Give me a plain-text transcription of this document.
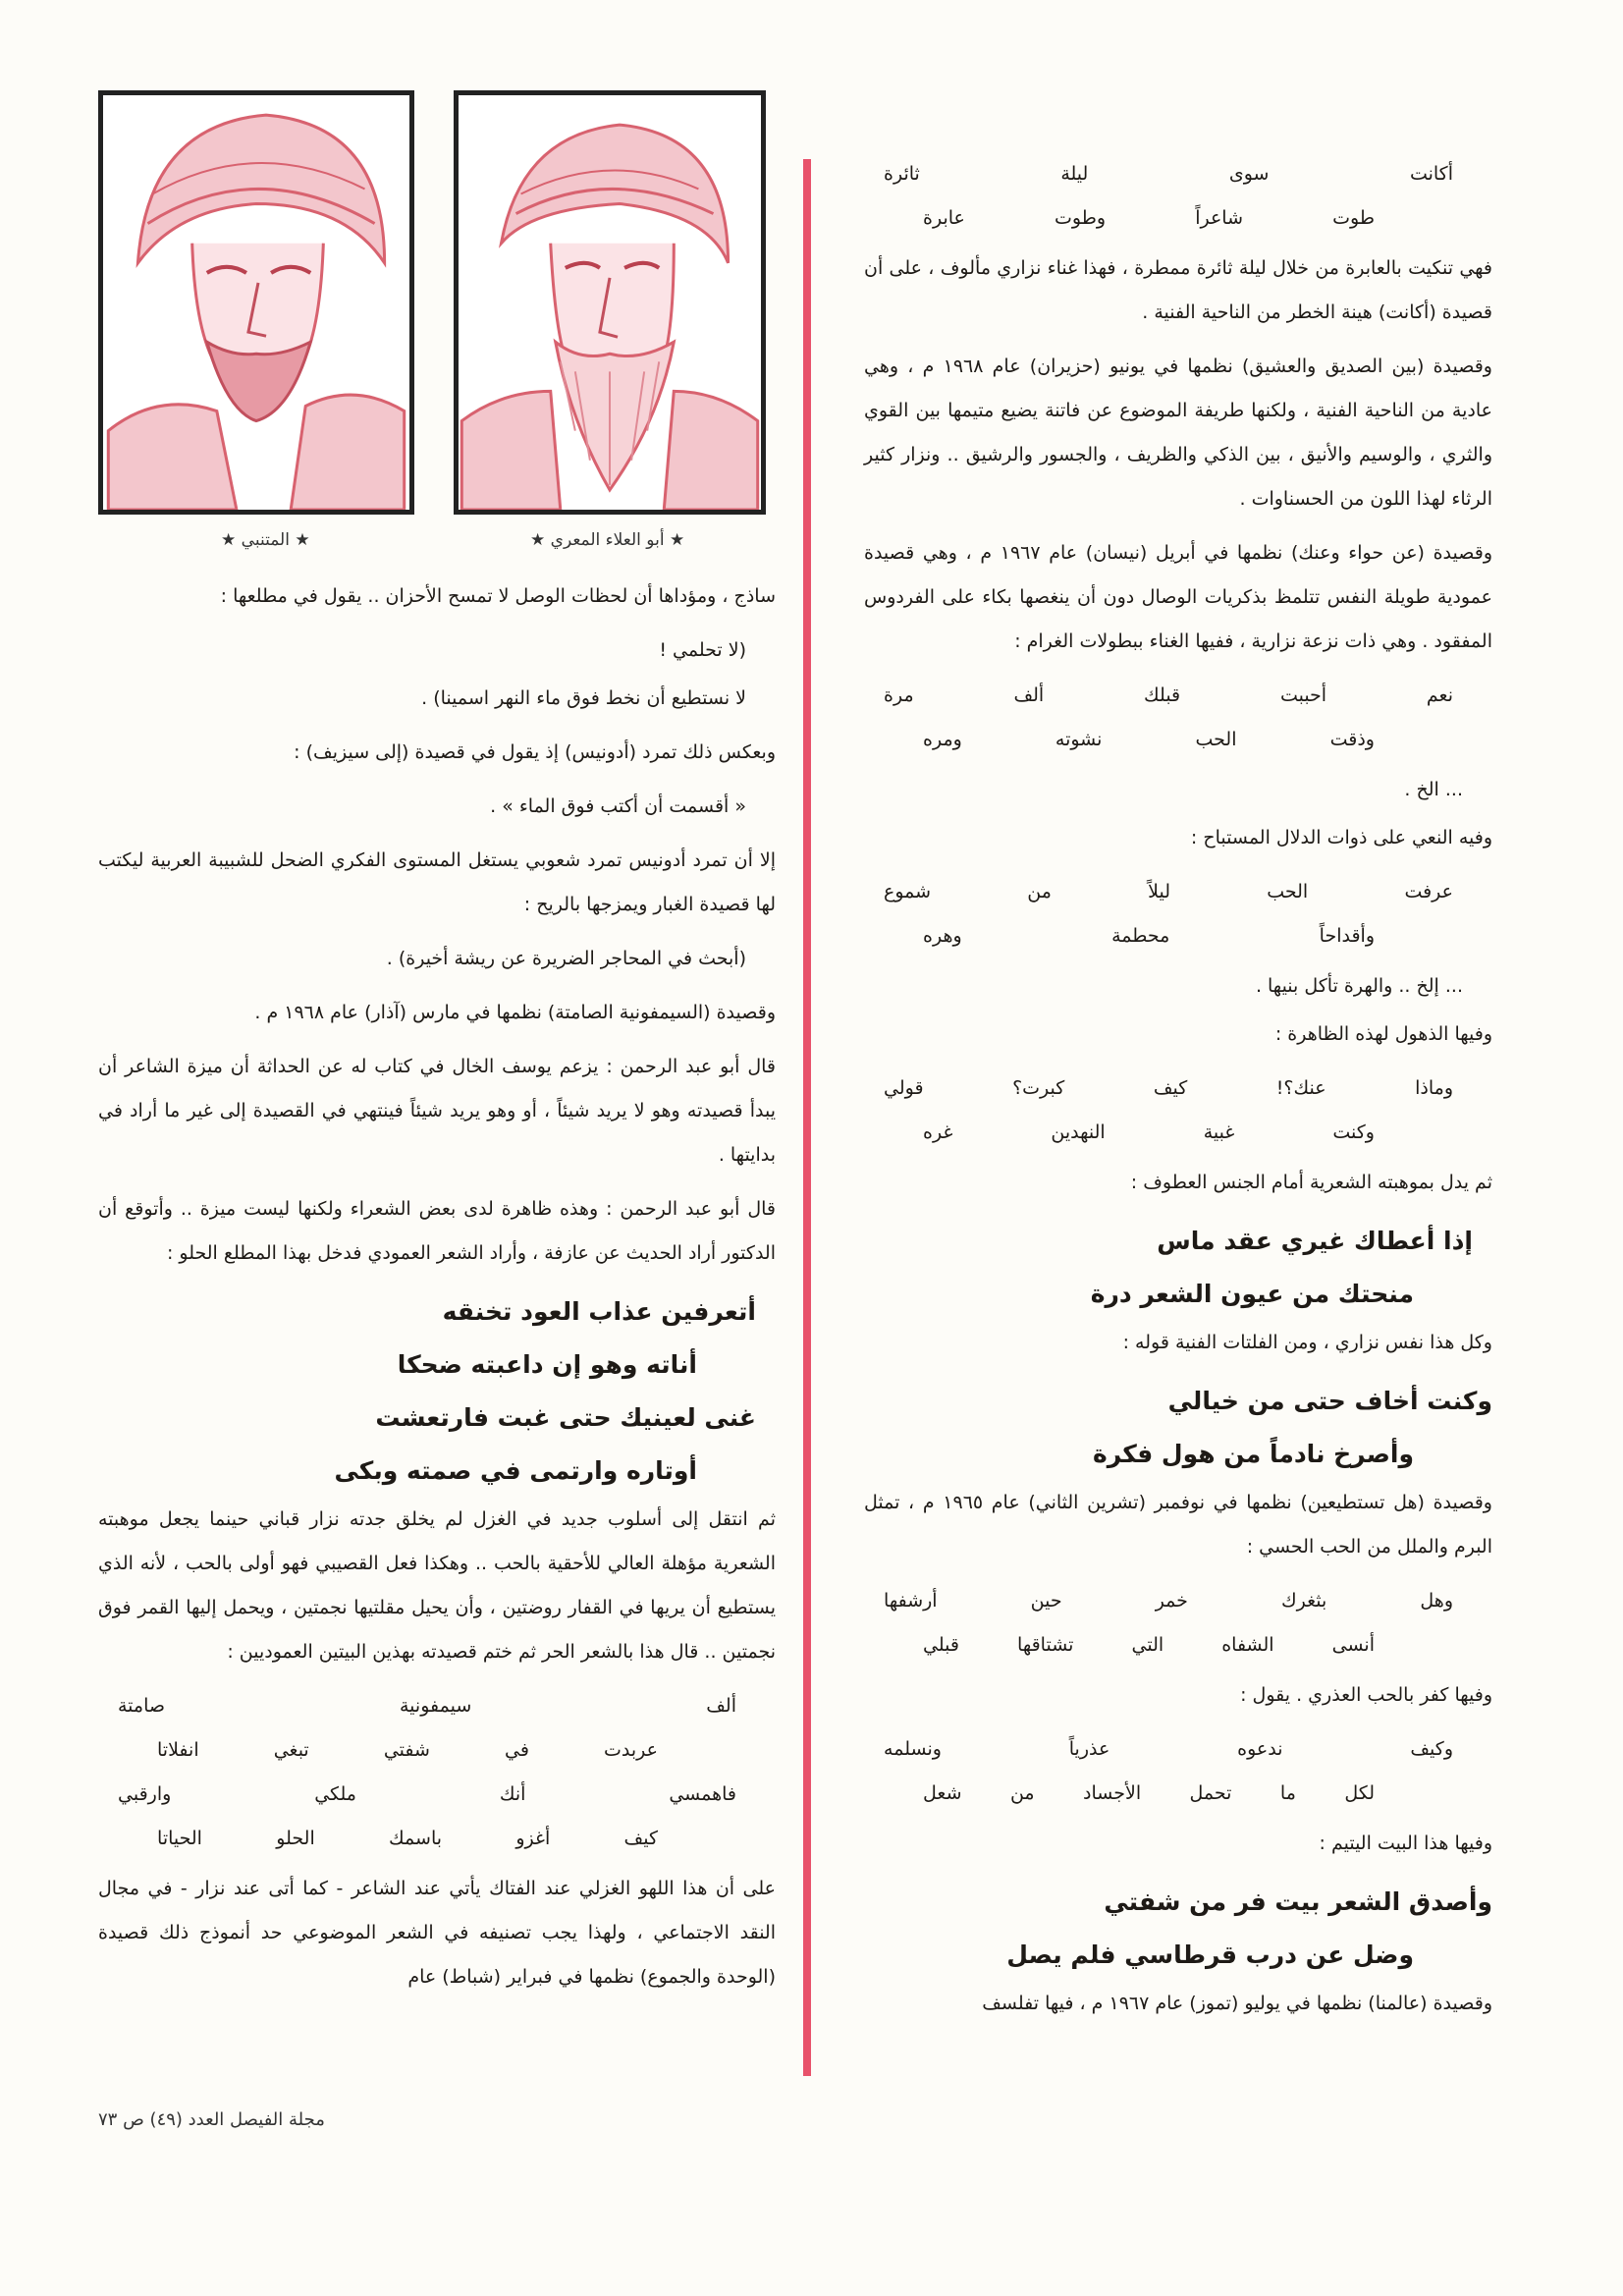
★ أبو العلاء المعري ★
★ المتنبي ★
أكانت
سوى
ليلة
ثائرة
طوت
شاعراً
وطوت
عابرة

فهي تنكيت بالعابرة من خلال ليلة ثائرة ممطرة ، فهذا غناء نزاري مألوف ، على أن قصيدة (أكانت) هينة الخطر من الناحية الفنية .

وقصيدة (بين الصديق والعشيق) نظمها في يونيو (حزيران) عام ١٩٦٨ م ، وهي عادية من الناحية الفنية ، ولكنها طريفة الموضوع عن فاتنة يضيع متيمها بين القوي والثري ، والوسيم والأنيق ، بين الذكي والظريف ، والجسور والرشيق .. ونزار كثير الرثاء لهذا اللون من الحسناوات .

وقصيدة (عن حواء وعنك) نظمها في أبريل (نيسان) عام ١٩٦٧ م ، وهي قصيدة عمودية طويلة النفس تتلمظ بذكريات الوصال دون أن ينغصها بكاء على الفردوس المفقود . وهي ذات نزعة نزارية ، ففيها الغناء ببطولات الغرام :

نعم
أحببت
قبلك
ألف
مرة
وذقت
الحب
نشوته
ومره

... الخ .

وفيه النعي على ذوات الدلال المستباح :

عرفت
الحب
ليلاً
من
شموع
وأقداحاً
محطمة
وهره

... إلخ .. والهرة تأكل بنيها .

وفيها الذهول لهذه الظاهرة :

وماذا
عنك؟!
كيف
كبرت؟
قولي
وكنت
غبية
النهدين
غره

ثم يدل بموهبته الشعرية أمام الجنس العطوف :

إذا أعطاك غيري عقد ماس
منحتك من عيون الشعر درة

وكل هذا نفس نزاري ، ومن الفلتات الفنية قوله :

وكنت أخاف حتى من خيالي
وأصرخ نادماً من هول فكرة

وقصيدة (هل تستطيعين) نظمها في نوفمبر (تشرين الثاني) عام ١٩٦٥ م ، تمثل البرم والملل من الحب الحسي :

وهل
بثغرك
خمر
حين
أرشفها
أنسى
الشفاه
التي
تشتاقها
قبلي

وفيها كفر بالحب العذري . يقول :

وكيف
ندعوه
عذرياً
ونسلمه
لكل
ما
تحمل
الأجساد
من
شعل

وفيها هذا البيت اليتيم :

وأصدق الشعر بيت فر من شفتي
وضل عن درب قرطاسي فلم يصل

وقصيدة (عالمنا) نظمها في يوليو (تموز) عام ١٩٦٧ م ، فيها تفلسف

ساذج ، ومؤداها أن لحظات الوصل لا تمسح الأحزان .. يقول في مطلعها :

(لا تحلمي !

لا نستطيع أن نخط فوق ماء النهر اسمينا) .

وبعكس ذلك تمرد (أدونيس) إذ يقول في قصيدة (إلى سيزيف) :

« أقسمت أن أكتب فوق الماء » .

إلا أن تمرد أدونيس تمرد شعوبي يستغل المستوى الفكري الضحل للشبيبة العربية ليكتب لها قصيدة الغبار ويمزجها بالريح :

(أبحث في المحاجر الضريرة عن ريشة أخيرة) .

وقصيدة (السيمفونية الصامتة) نظمها في مارس (آذار) عام ١٩٦٨ م .

قال أبو عبد الرحمن : يزعم يوسف الخال في كتاب له عن الحداثة أن ميزة الشاعر أن يبدأ قصيدته وهو لا يريد شيئاً ، أو وهو يريد شيئاً فينتهي في القصيدة إلى غير ما أراد في بدايتها .

قال أبو عبد الرحمن : وهذه ظاهرة لدى بعض الشعراء ولكنها ليست ميزة .. وأتوقع أن الدكتور أراد الحديث عن عازفة ، وأراد الشعر العمودي فدخل بهذا المطلع الحلو :

أتعرفين عذاب العود تخنقه
أناته وهو إن داعبته ضحكا
غنى لعينيك حتى غبت فارتعشت
أوتاره وارتمى في صمته وبكى

ثم انتقل إلى أسلوب جديد في الغزل لم يخلق جدته نزار قباني حينما يجعل موهبته الشعرية مؤهلة العالي للأحقية بالحب .. وهكذا فعل القصيبي فهو أولى بالحب ، لأنه الذي يستطيع أن يريها في القفار روضتين ، وأن يحيل مقلتيها نجمتين ، ويحمل إليها القمر فوق نجمتين .. قال هذا بالشعر الحر ثم ختم قصيدته بهذين البيتين العموديين :

ألف
سيمفونية
صامتة
عربدت
في
شفتي
تبغي
انفلاتا
فاهمسي
أنك
ملكي
وارقبي
كيف
أغزو
باسمك
الحلو
الحياتا

على أن هذا اللهو الغزلي عند الفتاك يأتي عند الشاعر - كما أتى عند نزار - في مجال النقد الاجتماعي ، ولهذا يجب تصنيفه في الشعر الموضوعي حد أنموذج ذلك قصيدة (الوحدة والجموع) نظمها في فبراير (شباط) عام

مجلة الفيصل العدد (٤٩) ص ٧٣
